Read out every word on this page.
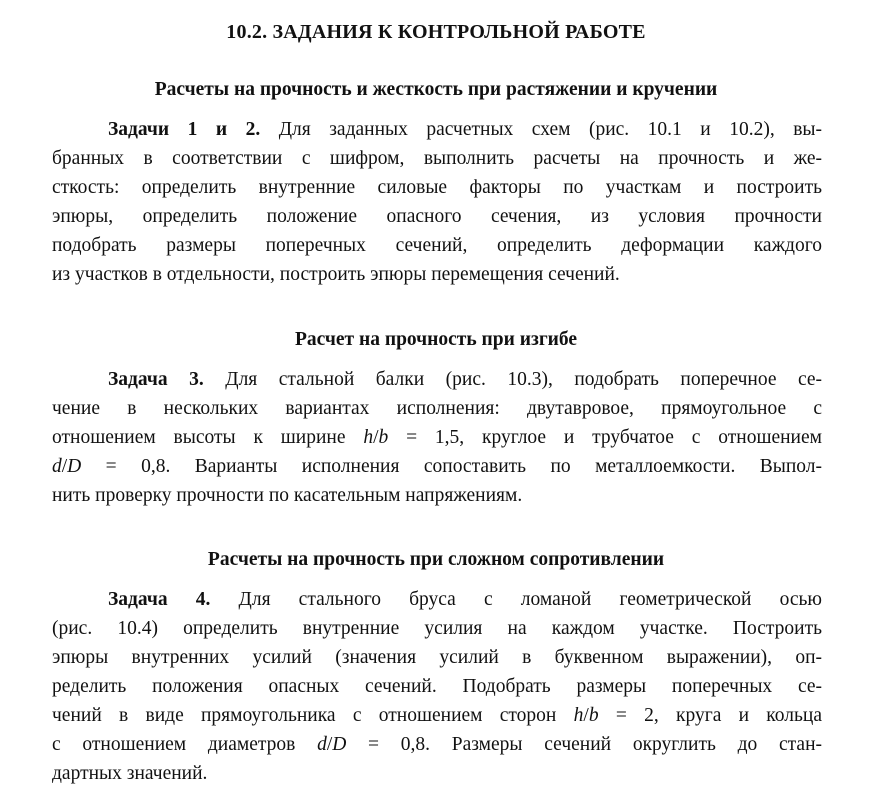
10.2. ЗАДАНИЯ К КОНТРОЛЬНОЙ РАБОТЕ
Расчеты на прочность и жесткость при растяжении и кручении
Задачи 1 и 2. Для заданных расчетных схем (рис. 10.1 и 10.2), вы-
бранных в соответствии с шифром, выполнить расчеты на прочность и же-
сткость: определить внутренние силовые факторы по участкам и построить
эпюры, определить положение опасного сечения, из условия прочности
подобрать размеры поперечных сечений, определить деформации каждого
из участков в отдельности, построить эпюры перемещения сечений.
Расчет на прочность при изгибе
Задача 3. Для стальной балки (рис. 10.3), подобрать поперечное се-
чение в нескольких вариантах исполнения: двутавровое, прямоугольное с
отношением высоты к ширине h/b = 1,5, круглое и трубчатое с отношением
d/D = 0,8. Варианты исполнения сопоставить по металлоемкости. Выпол-
нить проверку прочности по касательным напряжениям.
Расчеты на прочность при сложном сопротивлении
Задача 4. Для стального бруса с ломаной геометрической осью
(рис. 10.4) определить внутренние усилия на каждом участке. Построить
эпюры внутренних усилий (значения усилий в буквенном выражении), оп-
ределить положения опасных сечений. Подобрать размеры поперечных се-
чений в виде прямоугольника с отношением сторон h/b = 2, круга и кольца
с отношением диаметров d/D = 0,8. Размеры сечений округлить до стан-
дартных значений.
